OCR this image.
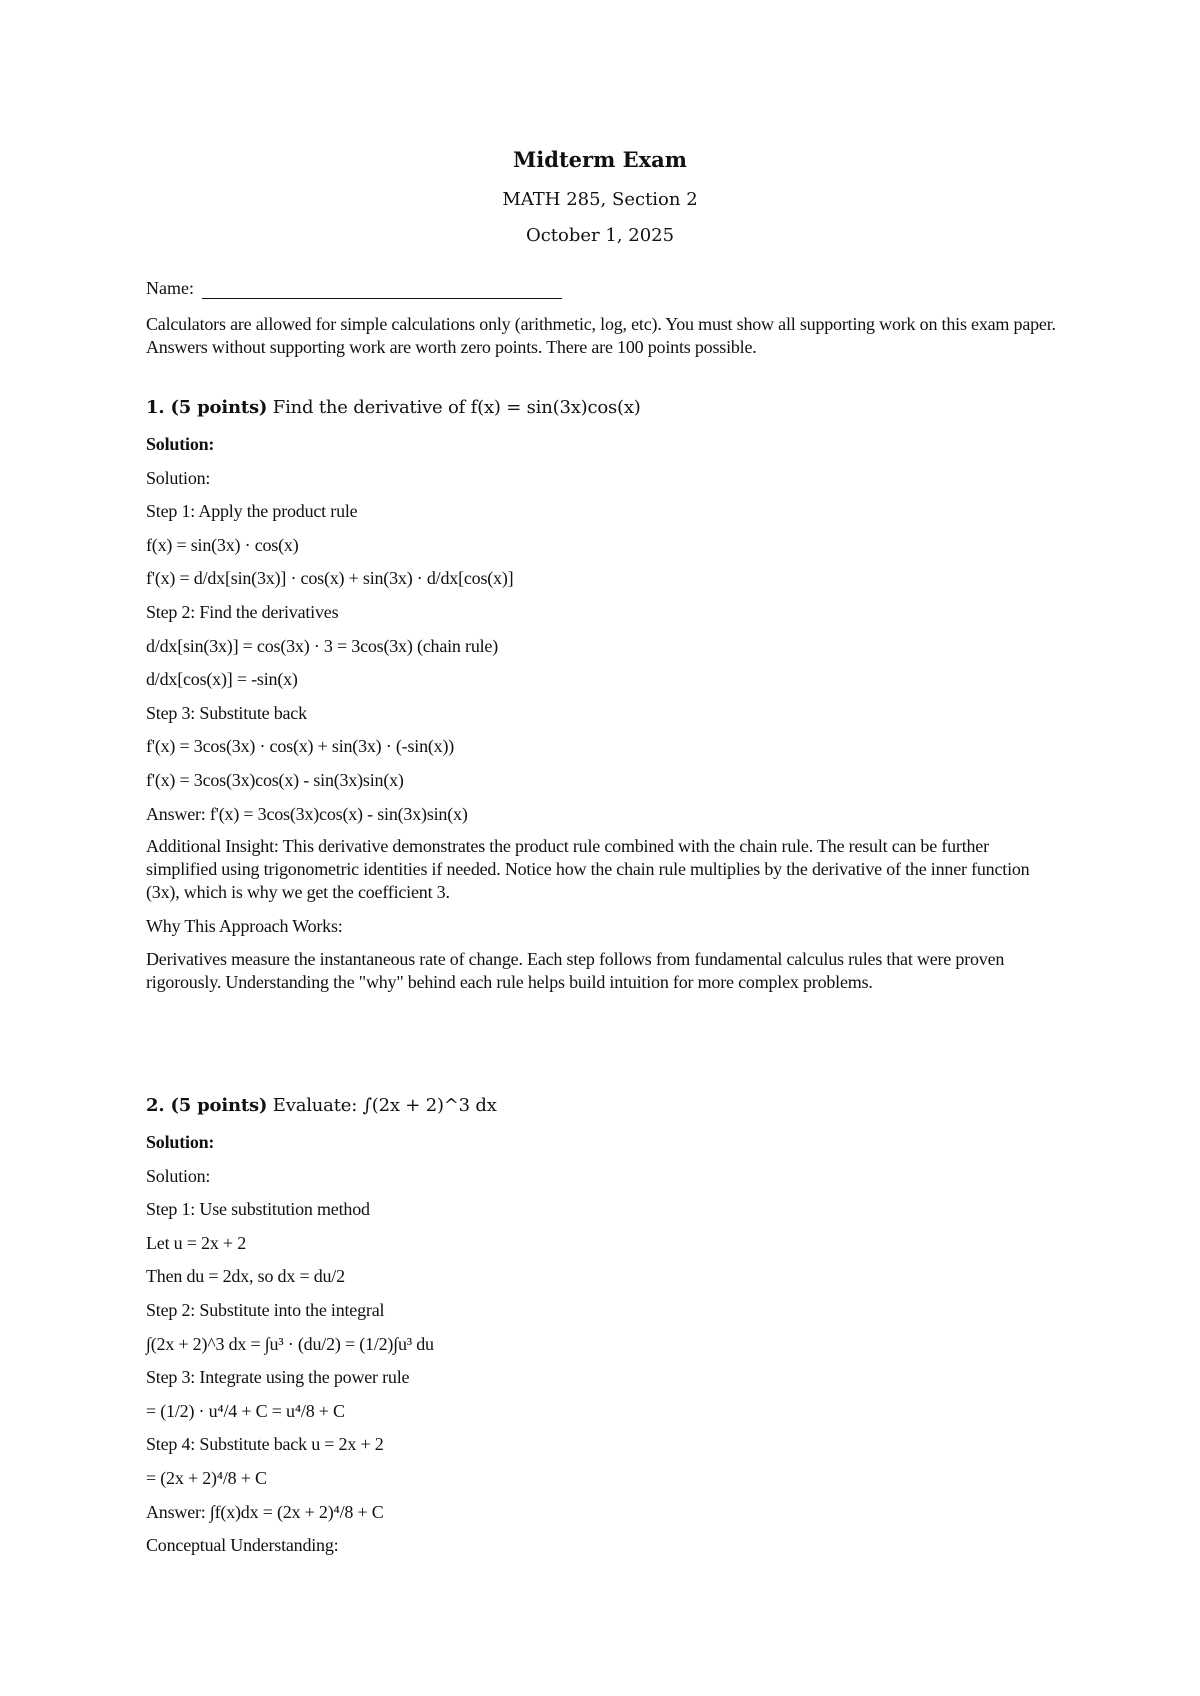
Midterm Exam
MATH 285, Section 2
October 1, 2025
Name:
Calculators are allowed for simple calculations only (arithmetic, log, etc). You must show all supporting work on this exam paper. Answers without supporting work are worth zero points. There are 100 points possible.
1. (5 points) Find the derivative of f(x) = sin(3x)cos(x)
Solution:
Solution:
Step 1: Apply the product rule
f(x) = sin(3x) · cos(x)
f'(x) = d/dx[sin(3x)] · cos(x) + sin(3x) · d/dx[cos(x)]
Step 2: Find the derivatives
d/dx[sin(3x)] = cos(3x) · 3 = 3cos(3x) (chain rule)
d/dx[cos(x)] = -sin(x)
Step 3: Substitute back
f'(x) = 3cos(3x) · cos(x) + sin(3x) · (-sin(x))
f'(x) = 3cos(3x)cos(x) - sin(3x)sin(x)
Answer: f'(x) = 3cos(3x)cos(x) - sin(3x)sin(x)
Additional Insight: This derivative demonstrates the product rule combined with the chain rule. The result can be further simplified using trigonometric identities if needed. Notice how the chain rule multiplies by the derivative of the inner function (3x), which is why we get the coefficient 3.
Why This Approach Works:
Derivatives measure the instantaneous rate of change. Each step follows from fundamental calculus rules that were proven rigorously. Understanding the "why" behind each rule helps build intuition for more complex problems.
2. (5 points) Evaluate: ∫(2x + 2)^3 dx
Solution:
Solution:
Step 1: Use substitution method
Let u = 2x + 2
Then du = 2dx, so dx = du/2
Step 2: Substitute into the integral
∫(2x + 2)^3 dx = ∫u³ · (du/2) = (1/2)∫u³ du
Step 3: Integrate using the power rule
= (1/2) · u⁴/4 + C = u⁴/8 + C
Step 4: Substitute back u = 2x + 2
= (2x + 2)⁴/8 + C
Answer: ∫f(x)dx = (2x + 2)⁴/8 + C
Conceptual Understanding:
